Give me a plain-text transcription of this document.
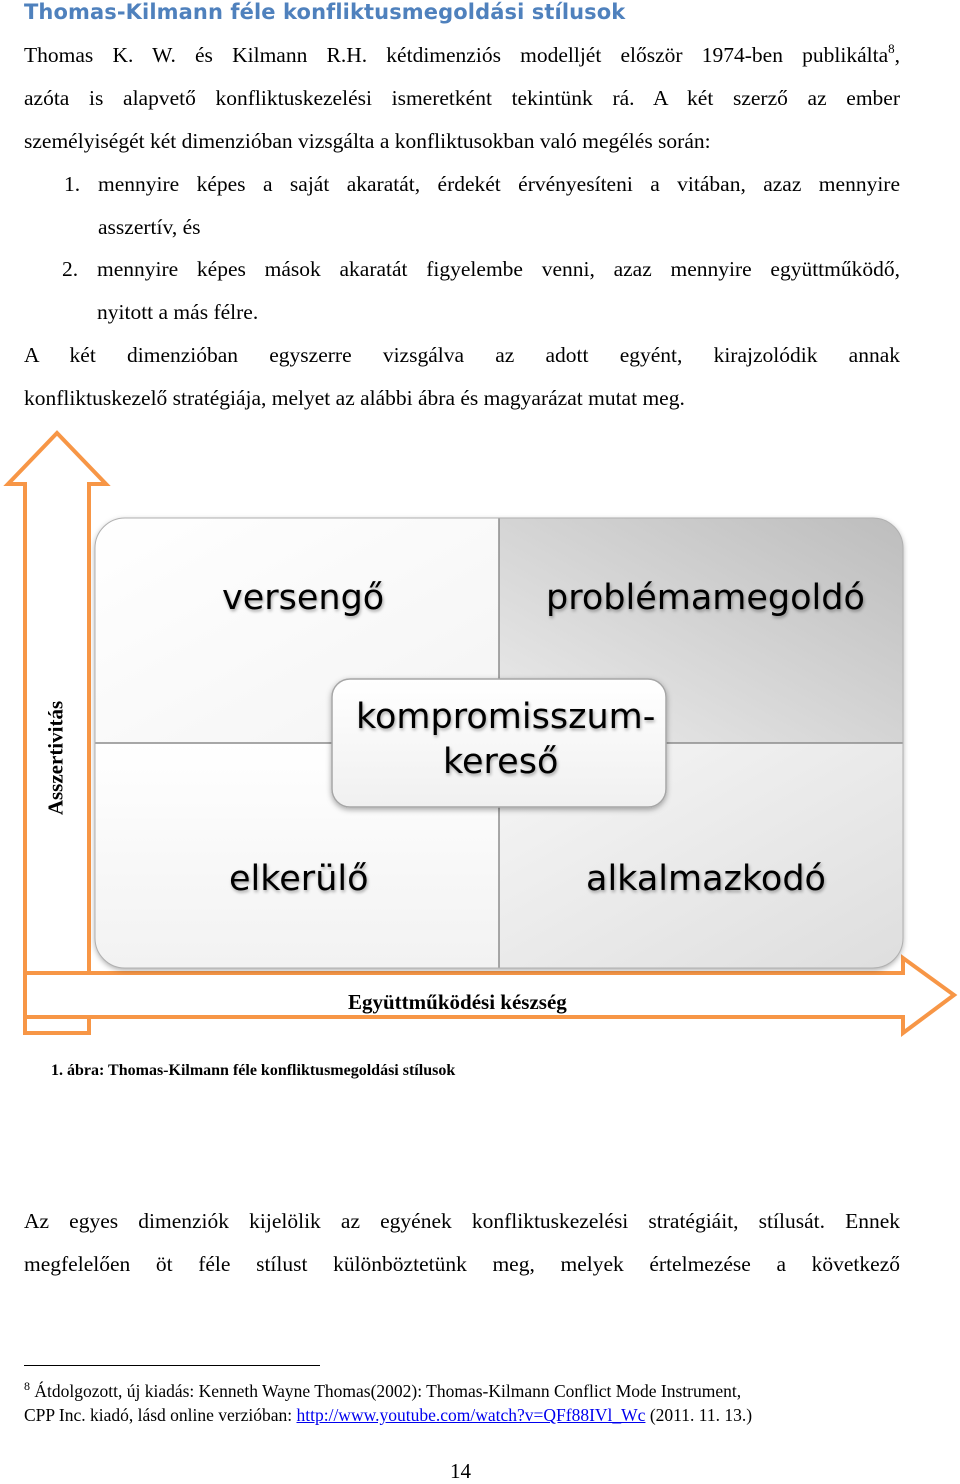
Thomas-Kilmann féle konfliktusmegoldási stílusok
Thomas K. W. és Kilmann R.H. kétdimenziós modelljét először 1974-ben publikálta$^8$,
azóta is alapvető konfliktuskezelési ismeretként tekintünk rá. A két szerző az ember
személyiségét két dimenzióban vizsgálta a konfliktusokban való megélés során:
1. mennyire képes a saját akaratát, érdekét érvényesíteni a vitában, azaz mennyire
asszertív, és
2. mennyire képes mások akaratát figyelembe venni, azaz mennyire együttműködő,
nyitott a más félre.
A két dimenzióban egyszerre vizsgálva az adott egyént, kirajzolódik annak
konfliktuskezelő stratégiája, melyet az alábbi ábra és magyarázat mutat meg.
versengő	problémamegoldó
elkerülő	alkalmazkodó
kompromisszum-
kereső
Asszertivitás
Együttműködési készség
1. ábra: Thomas-Kilmann féle konfliktusmegoldási stílusok
Az egyes dimenziók kijelölik az egyének konfliktuskezelési stratégiáit, stílusát. Ennek
megfelelően öt féle stílust különböztetünk meg, melyek értelmezése a következő
$^8$ Átdolgozott, új kiadás: Kenneth Wayne Thomas(2002): Thomas-Kilmann Conflict Mode Instrument,
CPP Inc. kiadó, lásd online verzióban: http://www.youtube.com/watch?v=QFf88IVl_Wc (2011. 11. 13.)
14
